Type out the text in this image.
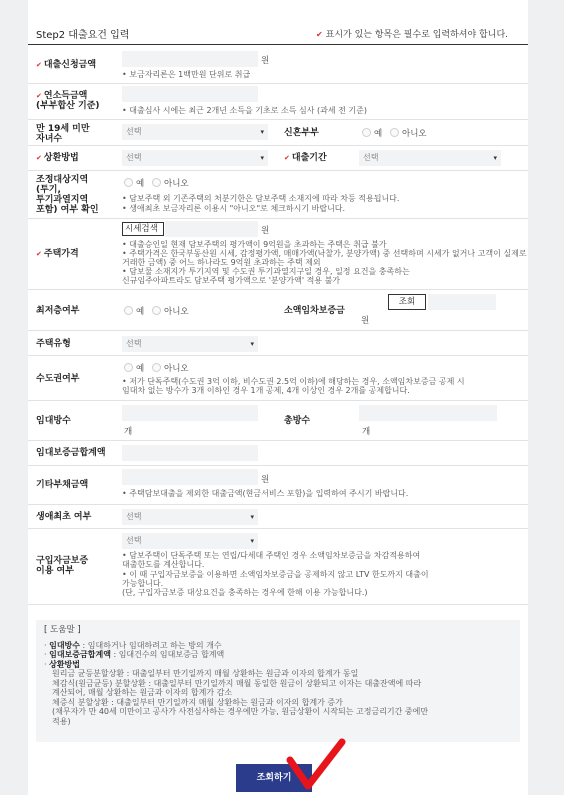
Step2 대출요건 입력	✔ 표시가 있는 항목은 필수로 입력하셔야 합니다.
✔ 대출신청금액	원
• 보금자리론은 1백만원 단위로 취급
✔ 연소득금액
(부부합산 기준)	• 대출심사 시에는 최근 2개년 소득을 기초로 소득 심사 (과세 전 기준)
만 19세 미만
자녀수
선택 ▾	신혼부부	예	아니오
✔ 상환방법	선택 ▾	✔ 대출기간	선택 ▾
조정대상지역
(투기,
투기과열지역
포함) 여부 확인
예	아니오
• 담보주택 외 기존주택의 처분기한은 담보주택 소재지에 따라 차등 적용됩니다.
• 생애최초 보금자리론 이용시 "아니오"로 체크하시기 바랍니다.
✔ 주택가격
시세검색	원
• 대출승인일 현재 담보주택의 평가액이 9억원을 초과하는 주택은 취급 불가
• 주택가격은 한국부동산원 시세, 감정평가액, 매매가액(낙찰가, 분양가액) 중 선택하며 시세가 없거나 고객이 실제로
거래한 금액) 중 어느 하나라도 9억원 초과하는 주택 제외
• 담보물 소재지가 투기지역 및 수도권 투기과열지구일 경우, 일정 요건을 충족하는
신규임주아파트라도 담보주택 평가액으로 '분양가액' 적용 불가
최저층여부	예	아니오	소액임차보증금
조회
원
주택유형	선택 ▾
수도권여부
예	아니오
• 저가 단독주택(수도권 3억 이하, 비수도권 2.5억 이하)에 해당하는 경우, 소액임차보증금 공제 시
임대차 없는 방수가 3개 이하인 경우 1개 공제, 4개 이상인 경우 2개를 공제합니다.
임대방수
개
총방수
개
임대보증금합계액
기타부채금액	원
• 주택담보대출을 제외한 대출금액(현금서비스 포함)을 입력하여 주시기 바랍니다.
생애최초 여부	선택 ▾
구입자금보증
이용 여부
선택 ▾
• 담보주택이 단독주택 또는 연립/다세대 주택인 경우 소액임차보증금을 차감적용하여
대출한도를 계산합니다.
• 이 때 구입자금보증을 이용하면 소액임차보증금을 공제하지 않고 LTV 한도까지 대출이
가능합니다.
(단, 구입자금보증 대상요건을 충족하는 경우에 한해 이용 가능합니다.)
[ 도움말 ]
· 임대방수 : 임대하거나 임대하려고 하는 방의 개수
· 임대보증금합계액 : 임대건수의 임대보증금 합계액
· 상환방법
원리금 균등분할상환 : 대출일부터 만기일까지 매월 상환하는 원금과 이자의 합계가 동일
체감식(원금균등) 분할상환 : 대출일부터 만기일까지 매월 동일한 원금이 상환되고 이자는 대출잔액에 따라
계산되어, 매월 상환하는 원금과 이자의 합계가 감소
체증식 분할상환 : 대출일부터 만기일까지 매월 상환하는 원금과 이자의 합계가 증가
(채무자가 만 40세 미만이고 공사가 사전심사하는 경우에만 가능, 원금상환이 시작되는 고정금리기간 중에만
적용)
조회하기
